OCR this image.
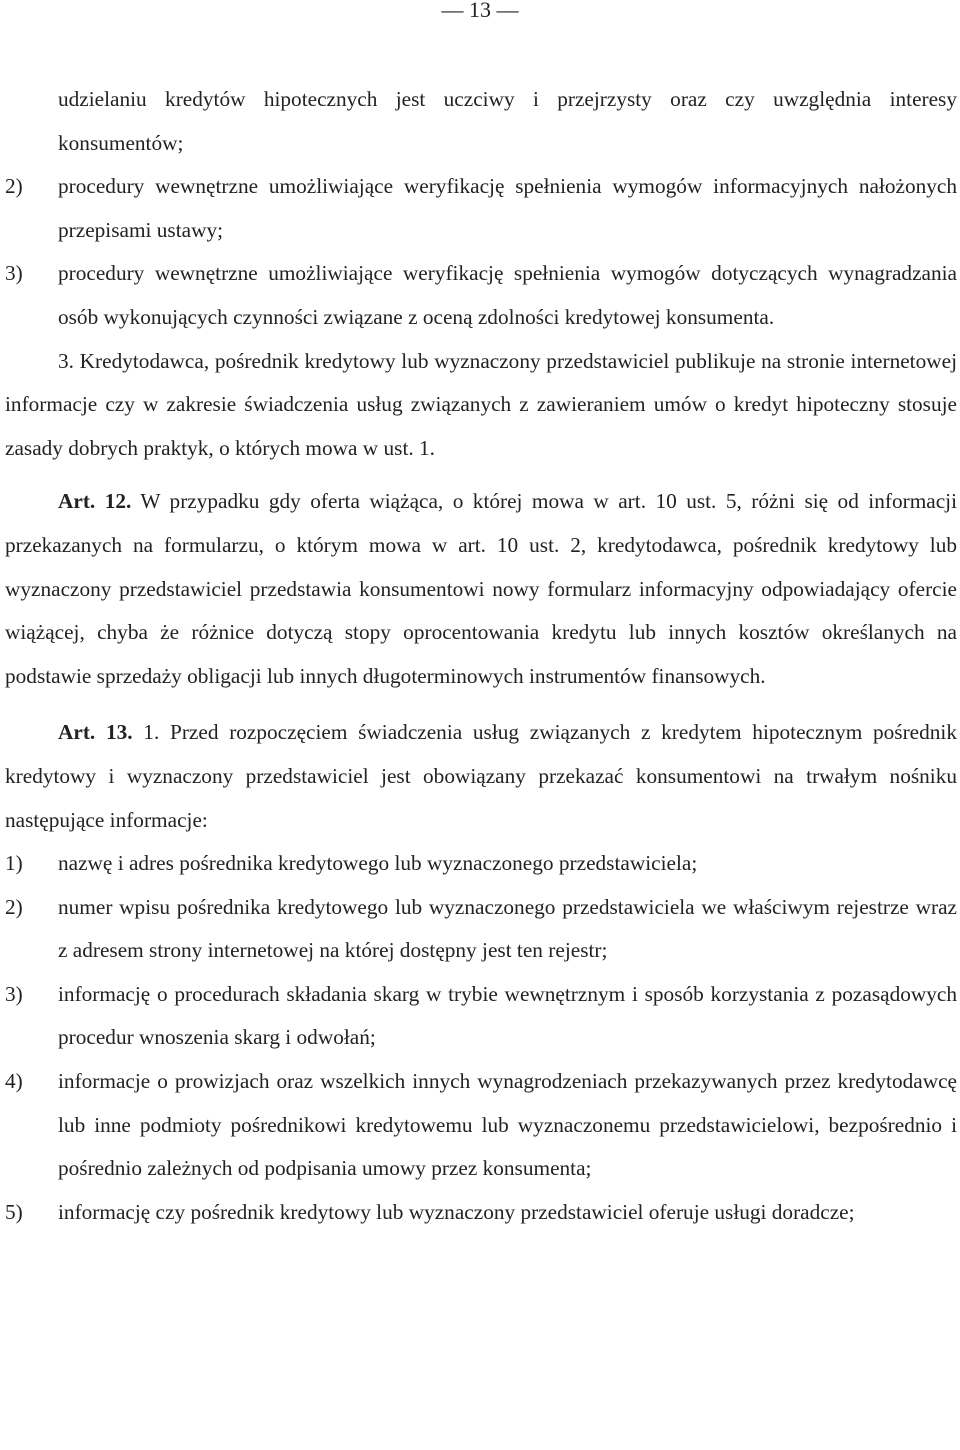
— 13 —

udzielaniu kredytów hipotecznych jest uczciwy i przejrzysty oraz czy uwzględnia interesy konsumentów;

2) procedury wewnętrzne umożliwiające weryfikację spełnienia wymogów informacyjnych nałożonych przepisami ustawy;
3) procedury wewnętrzne umożliwiające weryfikację spełnienia wymogów dotyczących wynagradzania osób wykonujących czynności związane z oceną zdolności kredytowej konsumenta.

3. Kredytodawca, pośrednik kredytowy lub wyznaczony przedstawiciel publikuje na stronie internetowej informacje czy w zakresie świadczenia usług związanych z zawieraniem umów o kredyt hipoteczny stosuje zasady dobrych praktyk, o których mowa w ust. 1.

Art. 12. W przypadku gdy oferta wiążąca, o której mowa w art. 10 ust. 5, różni się od informacji przekazanych na formularzu, o którym mowa w art. 10 ust. 2, kredytodawca, pośrednik kredytowy lub wyznaczony przedstawiciel przedstawia konsumentowi nowy formularz informacyjny odpowiadający ofercie wiążącej, chyba że różnice dotyczą stopy oprocentowania kredytu lub innych kosztów określanych na podstawie sprzedaży obligacji lub innych długoterminowych instrumentów finansowych.

Art. 13. 1. Przed rozpoczęciem świadczenia usług związanych z kredytem hipotecznym pośrednik kredytowy i wyznaczony przedstawiciel jest obowiązany przekazać konsumentowi na trwałym nośniku następujące informacje:

1) nazwę i adres pośrednika kredytowego lub wyznaczonego przedstawiciela;
2) numer wpisu pośrednika kredytowego lub wyznaczonego przedstawiciela we właściwym rejestrze wraz z adresem strony internetowej na której dostępny jest ten rejestr;
3) informację o procedurach składania skarg w trybie wewnętrznym i sposób korzystania z pozasądowych procedur wnoszenia skarg i odwołań;
4) informacje o prowizjach oraz wszelkich innych wynagrodzeniach przekazywanych przez kredytodawcę lub inne podmioty pośrednikowi kredytowemu lub wyznaczonemu przedstawicielowi, bezpośrednio i pośrednio zależnych od podpisania umowy przez konsumenta;
5) informację czy pośrednik kredytowy lub wyznaczony przedstawiciel oferuje usługi doradcze;
